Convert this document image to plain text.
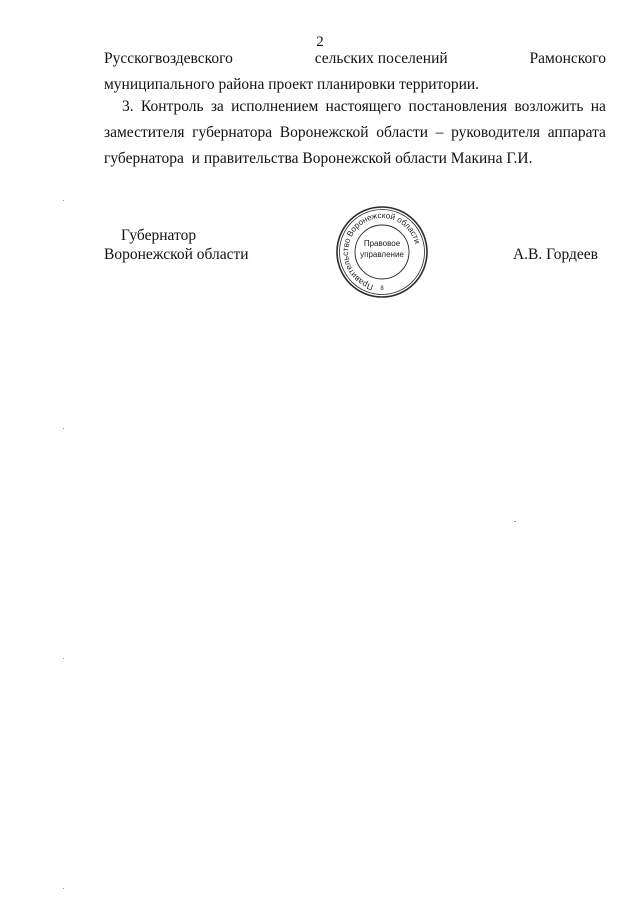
2
Русскогвоздевского	сельских поселений	Рамонского
муниципального района проект планировки территории.
3. Контроль за исполнением настоящего постановления возложить на
заместителя губернатора Воронежской области – руководителя аппарата
губернатора  и правительства Воронежской области Макина Г.И.
Губернатор
Воронежской области	А.В. Гордеев
Правительство Воронежской области
Правовое
управление
8
